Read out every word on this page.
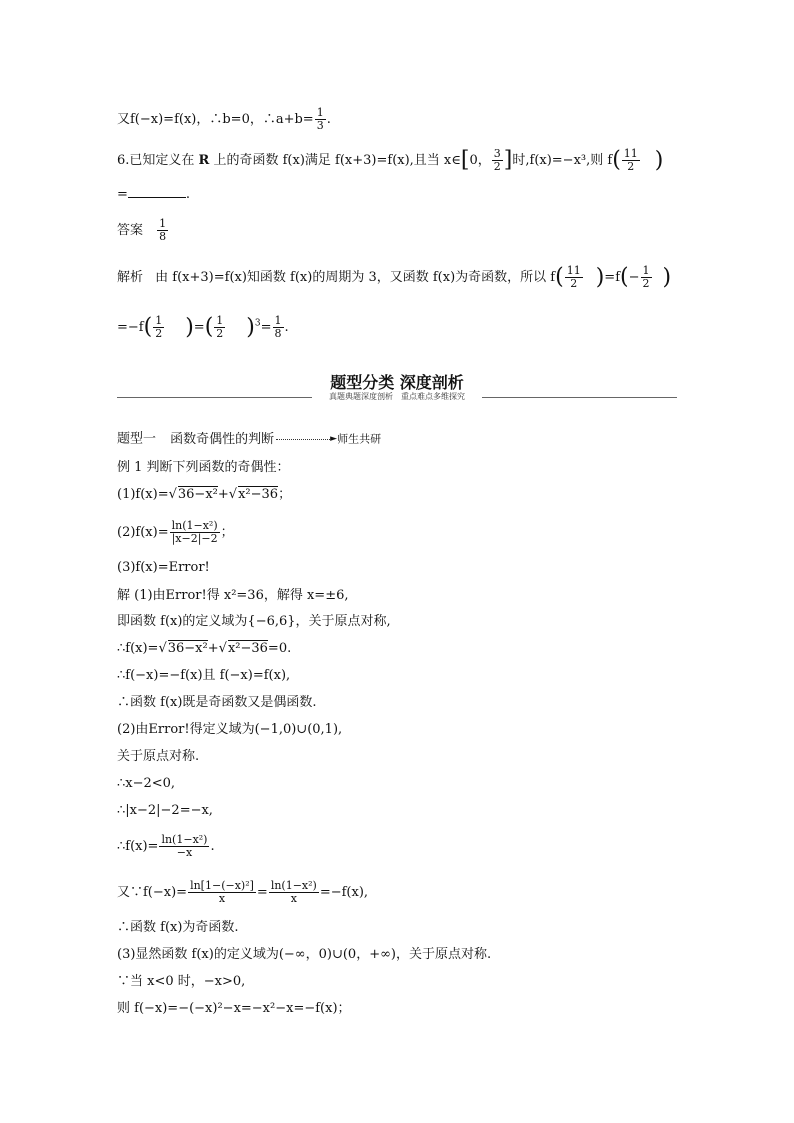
又f(−x)=f(x)，∴b=0，∴a+b= $\frac{1}{3}$ .
6.已知定义在 R 上的奇函数 f(x)满足 f(x+3)=f(x),且当 x∈[0， $\frac{3}{2}$ ]时,f(x)=−x³,则 $f( \frac{11}{2}$ )
=	.
答案 $\frac{1}{8}$
解析 由 f(x+3)=f(x)知函数 f(x)的周期为 3，又函数 f(x)为奇函数，所以 $f( \frac{11}{2} )=f(- \frac{1}{2}$ )
$=-f( \frac{1}{2}$ )=( $\frac{1}{2} )^3= \frac{1}{8}$ .
题型分类 深度剖析
真题典题深度剖析 重点难点多维探究
题型一 函数奇偶性的判断	►师生共研
例 1 判断下列函数的奇偶性：
(1)f(x)=√36−x²+√x²−36；
$(2)f(x)= \frac{\text{ln(1−x²)}}{|x-2|-2}$ ；
(3)f(x)=Error!
解 (1)由Error!得 x²=36，解得 x=±6,
即函数 f(x)的定义域为{−6,6}，关于原点对称,
∴f(x)=√36−x²+√x²−36=0.
∴f(−x)=−f(x)且 f(−x)=f(x),
∴函数 f(x)既是奇函数又是偶函数.
(2)由Error!得定义域为(−1,0)∪(0,1),
关于原点对称.
∴x−2<0,
∴|x−2|−2=−x,
∴f(x)= $\frac{\text{ln(1−x²)}}{-x}$ .
又∵f(−x)= $\frac{\text{ln[1−(−x)²]}}{x} = \frac{\text{ln(1−x²)}}{x} =-f(x)$,
∴函数 f(x)为奇函数.
(3)显然函数 f(x)的定义域为(−∞，0)∪(0，+∞)，关于原点对称.
∵当 x<0 时，−x>0,
则 f(−x)=−(−x)²−x=−x²−x=−f(x)；
